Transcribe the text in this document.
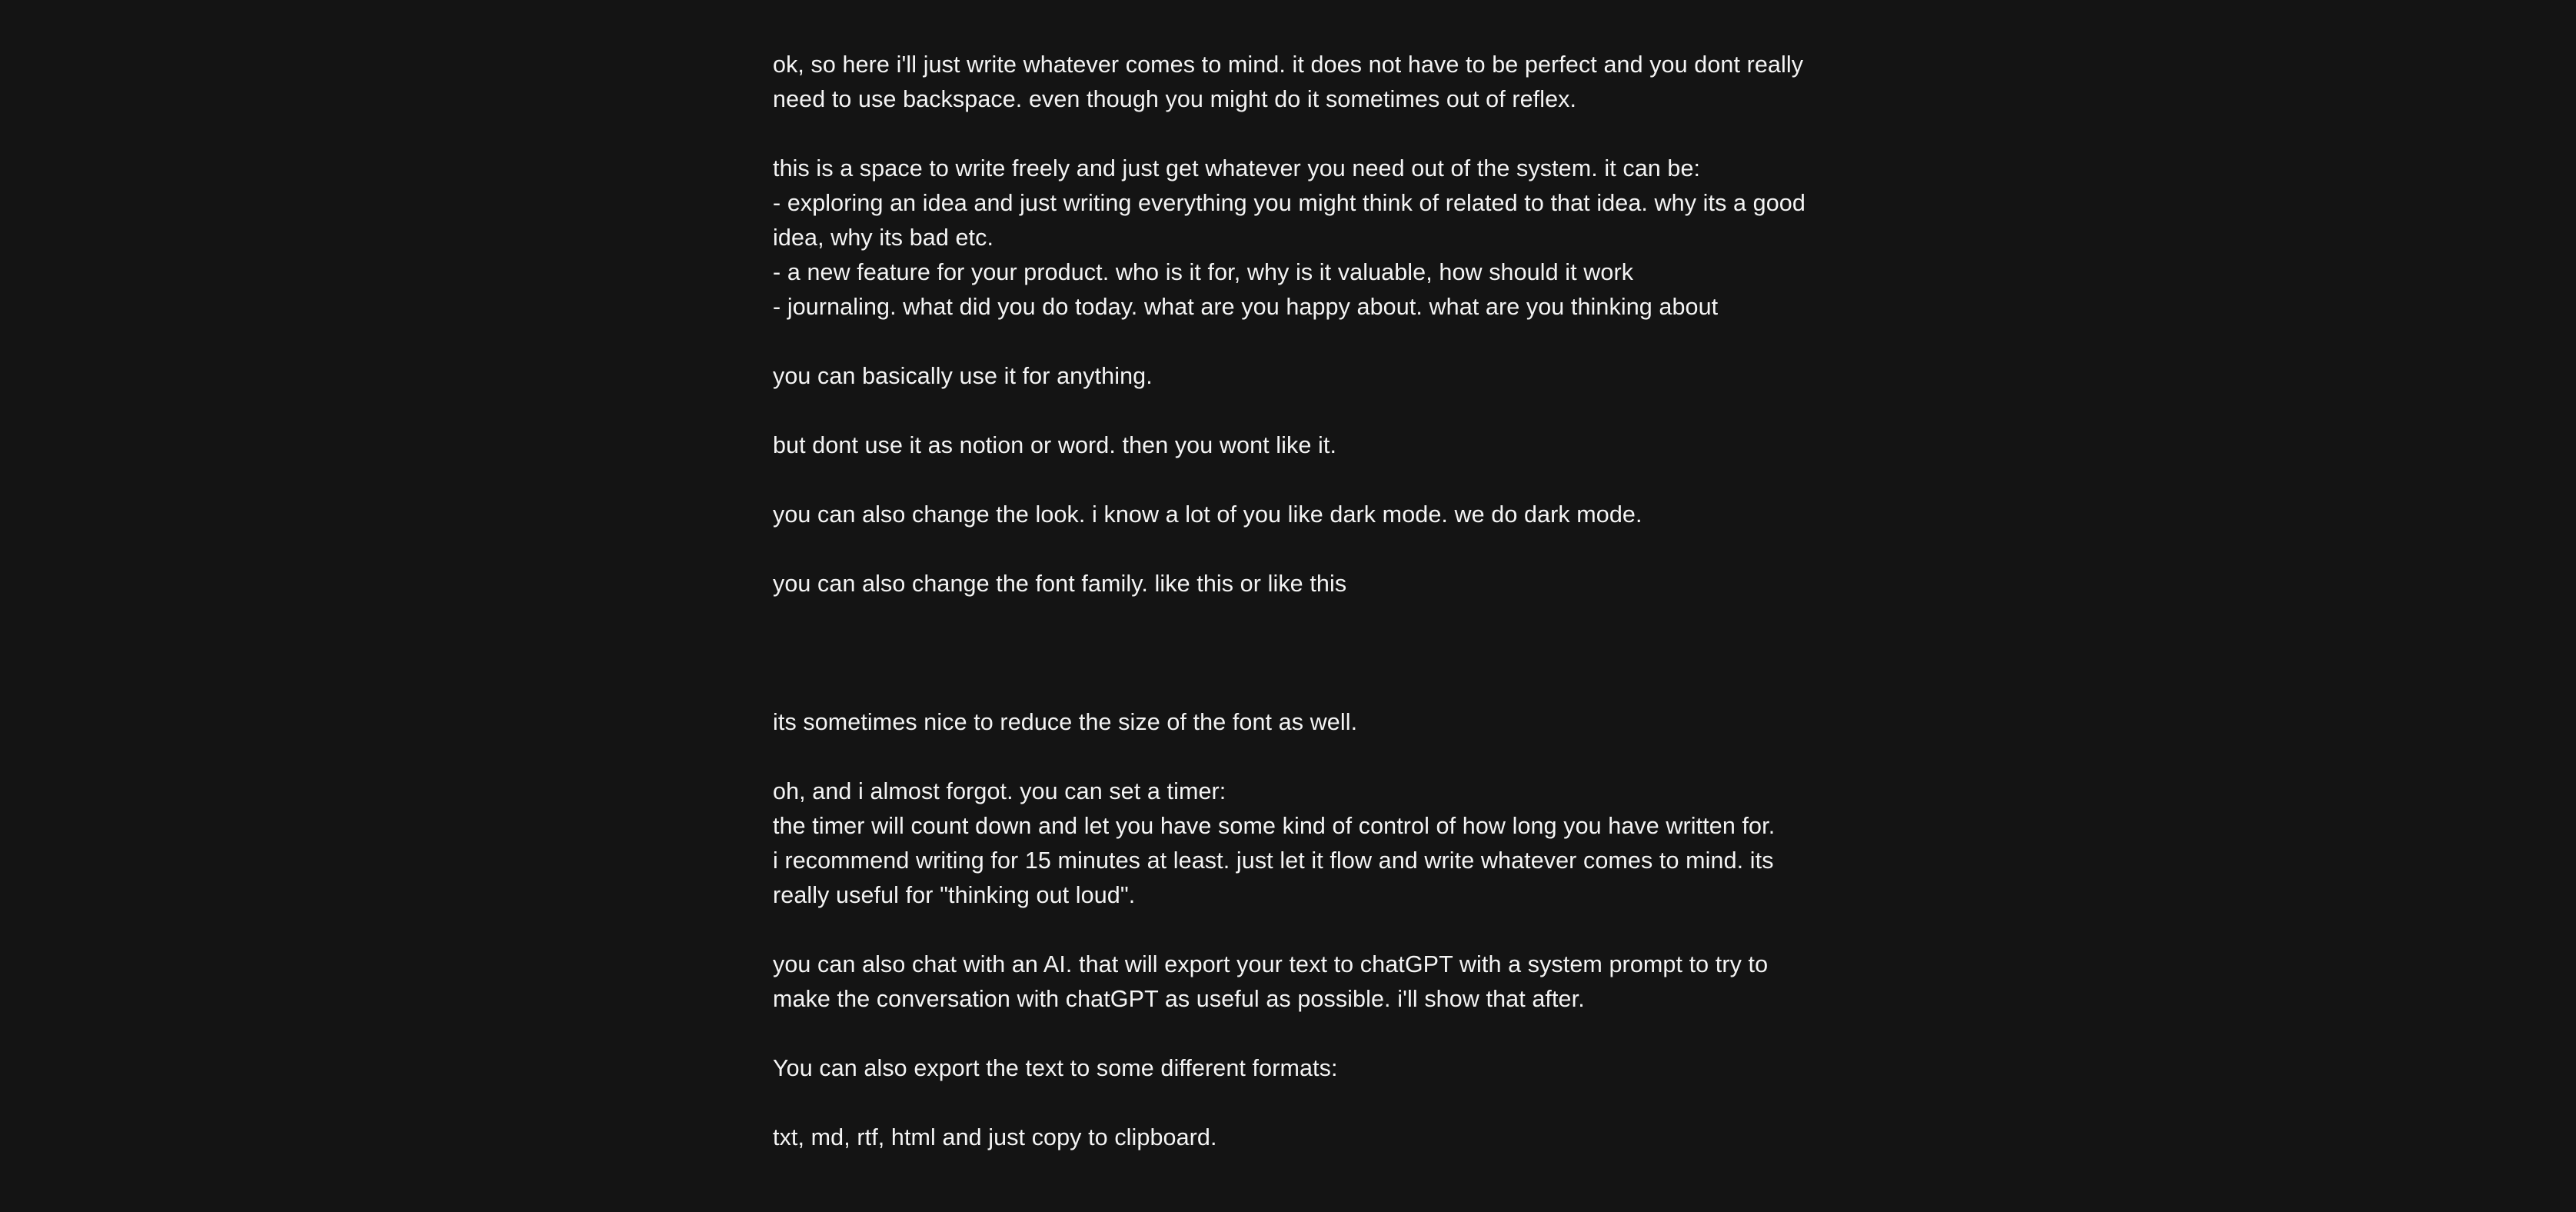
ok, so here i'll just write whatever comes to mind. it does not have to be perfect and you dont really need to use backspace. even though you might do it sometimes out of reflex.

this is a space to write freely and just get whatever you need out of the system. it can be:

- exploring an idea and just writing everything you might think of related to that idea. why its a good idea, why its bad etc.

- a new feature for your product. who is it for, why is it valuable, how should it work

- journaling. what did you do today. what are you happy about. what are you thinking about

you can basically use it for anything.

but dont use it as notion or word. then you wont like it.

you can also change the look. i know a lot of you like dark mode. we do dark mode.

you can also change the font family. like this or like this

its sometimes nice to reduce the size of the font as well.

oh, and i almost forgot. you can set a timer:

the timer will count down and let you have some kind of control of how long you have written for.

i recommend writing for 15 minutes at least. just let it flow and write whatever comes to mind. its really useful for "thinking out loud".

you can also chat with an AI. that will export your text to chatGPT with a system prompt to try to make the conversation with chatGPT as useful as possible. i'll show that after.

You can also export the text to some different formats:

txt, md, rtf, html and just copy to clipboard.
